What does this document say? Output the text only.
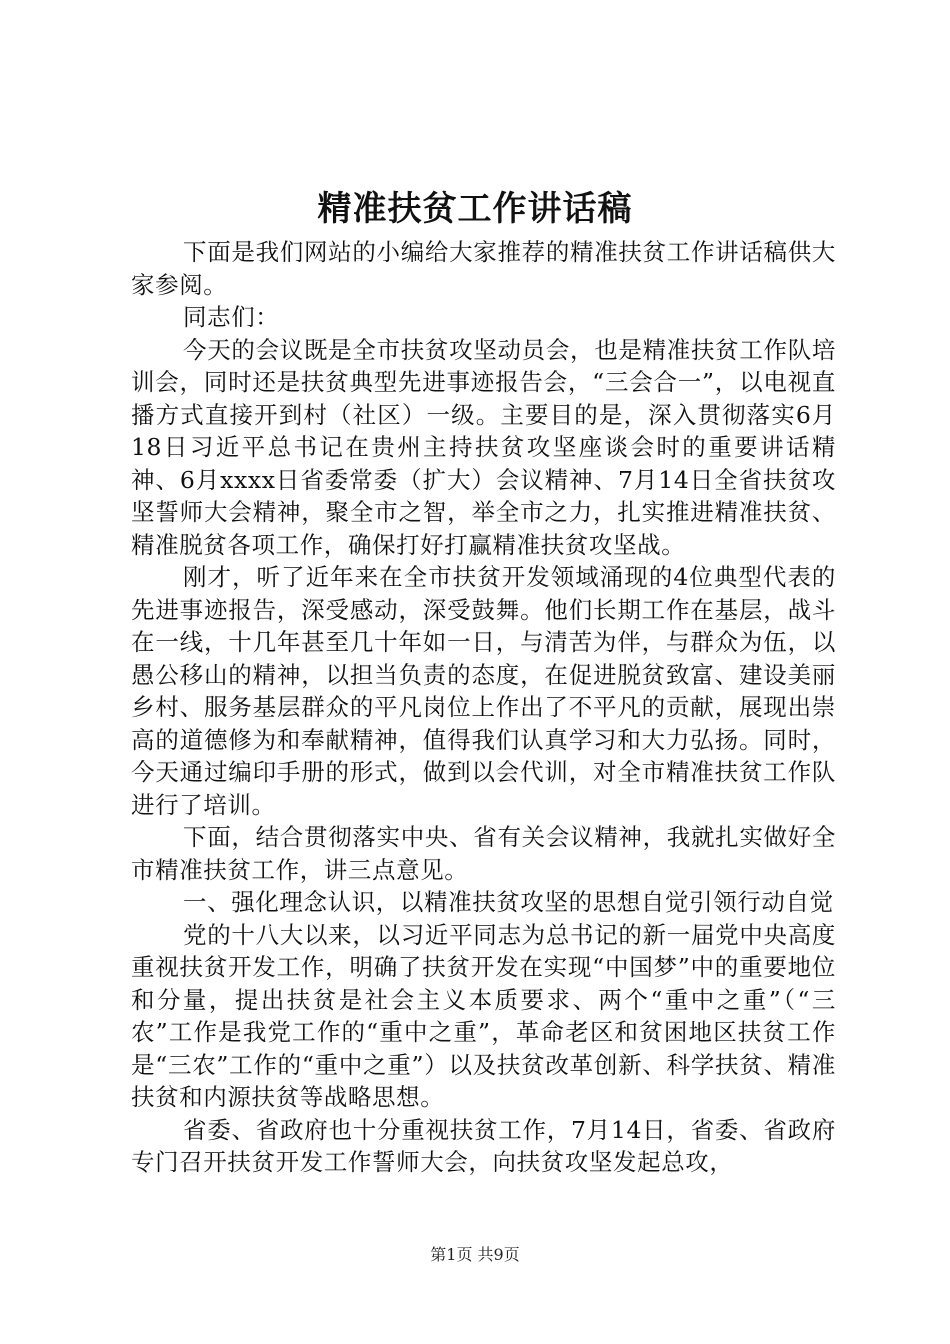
精准扶贫工作讲话稿

下面是我们网站的小编给大家推荐的精准扶贫工作讲话稿供大家参阅。

同志们：

今天的会议既是全市扶贫攻坚动员会，也是精准扶贫工作队培训会，同时还是扶贫典型先进事迹报告会，“三会合一”，以电视直播方式直接开到村（社区）一级。主要目的是，深入贯彻落实6月18日习近平总书记在贵州主持扶贫攻坚座谈会时的重要讲话精神、6月xxxx日省委常委（扩大）会议精神、7月14日全省扶贫攻坚誓师大会精神，聚全市之智，举全市之力，扎实推进精准扶贫、精准脱贫各项工作，确保打好打赢精准扶贫攻坚战。

刚才，听了近年来在全市扶贫开发领域涌现的4位典型代表的先进事迹报告，深受感动，深受鼓舞。他们长期工作在基层，战斗在一线，十几年甚至几十年如一日，与清苦为伴，与群众为伍，以愚公移山的精神，以担当负责的态度，在促进脱贫致富、建设美丽乡村、服务基层群众的平凡岗位上作出了不平凡的贡献，展现出崇高的道德修为和奉献精神，值得我们认真学习和大力弘扬。同时，今天通过编印手册的形式，做到以会代训，对全市精准扶贫工作队进行了培训。

下面，结合贯彻落实中央、省有关会议精神，我就扎实做好全市精准扶贫工作，讲三点意见。

一、强化理念认识，以精准扶贫攻坚的思想自觉引领行动自觉

党的十八大以来，以习近平同志为总书记的新一届党中央高度重视扶贫开发工作，明确了扶贫开发在实现“中国梦”中的重要地位和分量，提出扶贫是社会主义本质要求、两个“重中之重”（“三农”工作是我党工作的“重中之重”，革命老区和贫困地区扶贫工作是“三农”工作的“重中之重”）以及扶贫改革创新、科学扶贫、精准扶贫和内源扶贫等战略思想。

省委、省政府也十分重视扶贫工作，7月14日，省委、省政府专门召开扶贫开发工作誓师大会，向扶贫攻坚发起总攻，

第1页 共9页
